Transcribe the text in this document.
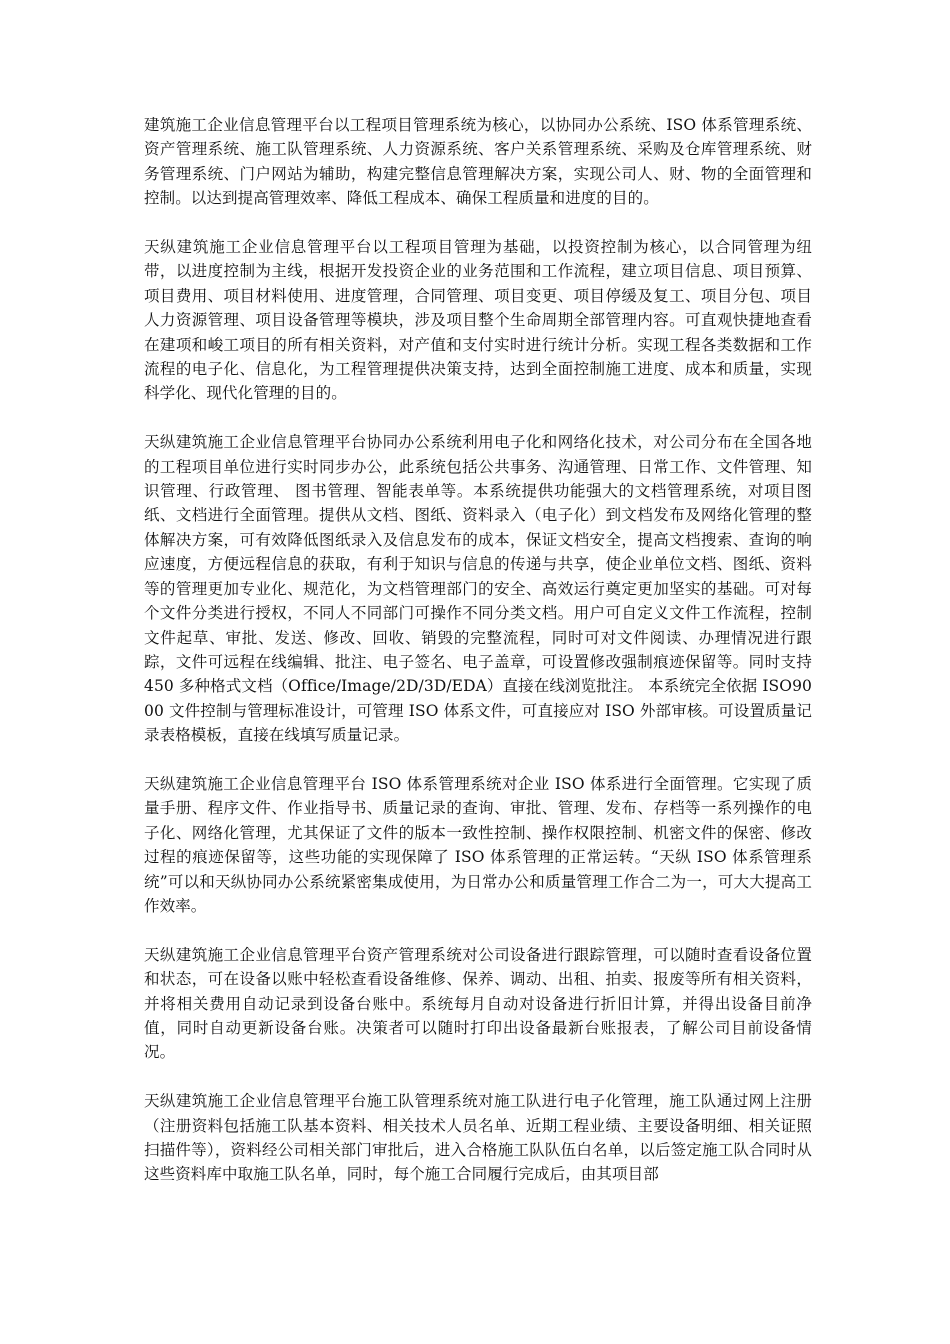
建筑施工企业信息管理平台以工程项目管理系统为核心，以协同办公系统、ISO 体系管理系统、资产管理系统、施工队管理系统、人力资源系统、客户关系管理系统、采购及仓库管理系统、财务管理系统、门户网站为辅助，构建完整信息管理解决方案，实现公司人、财、物的全面管理和控制。以达到提高管理效率、降低工程成本、确保工程质量和进度的目的。

天纵建筑施工企业信息管理平台以工程项目管理为基础，以投资控制为核心，以合同管理为纽带，以进度控制为主线，根据开发投资企业的业务范围和工作流程，建立项目信息、项目预算、项目费用、项目材料使用、进度管理，合同管理、项目变更、项目停缓及复工、项目分包、项目人力资源管理、项目设备管理等模块，涉及项目整个生命周期全部管理内容。可直观快捷地查看在建项和峻工项目的所有相关资料，对产值和支付实时进行统计分析。实现工程各类数据和工作流程的电子化、信息化，为工程管理提供决策支持，达到全面控制施工进度、成本和质量，实现科学化、现代化管理的目的。

天纵建筑施工企业信息管理平台协同办公系统利用电子化和网络化技术，对公司分布在全国各地的工程项目单位进行实时同步办公，此系统包括公共事务、沟通管理、日常工作、文件管理、知识管理、行政管理、 图书管理、智能表单等。本系统提供功能强大的文档管理系统，对项目图纸、文档进行全面管理。提供从文档、图纸、资料录入（电子化）到文档发布及网络化管理的整体解决方案，可有效降低图纸录入及信息发布的成本，保证文档安全，提高文档搜索、查询的响应速度，方便远程信息的获取，有利于知识与信息的传递与共享，使企业单位文档、图纸、资料等的管理更加专业化、规范化，为文档管理部门的安全、高效运行奠定更加坚实的基础。可对每个文件分类进行授权，不同人不同部门可操作不同分类文档。用户可自定义文件工作流程，控制文件起草、审批、发送、修改、回收、销毁的完整流程，同时可对文件阅读、办理情况进行跟踪，文件可远程在线编辑、批注、电子签名、电子盖章，可设置修改强制痕迹保留等。同时支持 450 多种格式文档（Office/Image/2D/3D/EDA）直接在线浏览批注。 本系统完全依据 ISO9000 文件控制与管理标准设计，可管理 ISO 体系文件，可直接应对 ISO 外部审核。可设置质量记录表格模板，直接在线填写质量记录。

天纵建筑施工企业信息管理平台 ISO 体系管理系统对企业 ISO 体系进行全面管理。它实现了质量手册、程序文件、作业指导书、质量记录的查询、审批、管理、发布、存档等一系列操作的电子化、网络化管理，尤其保证了文件的版本一致性控制、操作权限控制、机密文件的保密、修改过程的痕迹保留等，这些功能的实现保障了 ISO 体系管理的正常运转。“天纵 ISO 体系管理系统”可以和天纵协同办公系统紧密集成使用，为日常办公和质量管理工作合二为一，可大大提高工作效率。

天纵建筑施工企业信息管理平台资产管理系统对公司设备进行跟踪管理，可以随时查看设备位置和状态，可在设备以账中轻松查看设备维修、保养、调动、出租、拍卖、报废等所有相关资料，并将相关费用自动记录到设备台账中。系统每月自动对设备进行折旧计算，并得出设备目前净值，同时自动更新设备台账。决策者可以随时打印出设备最新台账报表，了解公司目前设备情况。

天纵建筑施工企业信息管理平台施工队管理系统对施工队进行电子化管理，施工队通过网上注册（注册资料包括施工队基本资料、相关技术人员名单、近期工程业绩、主要设备明细、相关证照扫描件等），资料经公司相关部门审批后，进入合格施工队队伍白名单，以后签定施工队合同时从这些资料库中取施工队名单，同时，每个施工合同履行完成后，由其项目部
